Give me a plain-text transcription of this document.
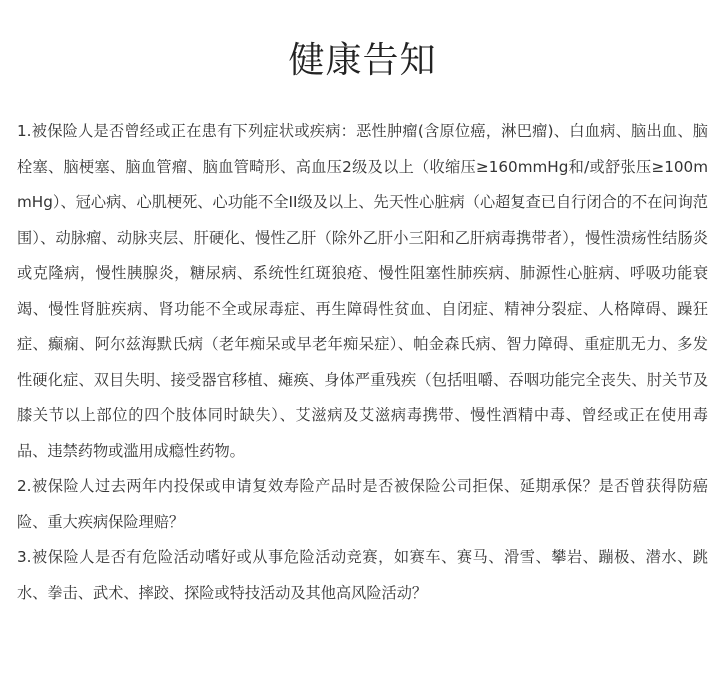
健康告知

1.被保险人是否曾经或正在患有下列症状或疾病：恶性肿瘤(含原位癌，淋巴瘤)、白血病、脑出血、脑栓塞、脑梗塞、脑血管瘤、脑血管畸形、高血压2级及以上（收缩压≥160mmHg和/或舒张压≥100mmHg）、冠心病、心肌梗死、心功能不全II级及以上、先天性心脏病（心超复查已自行闭合的不在问询范围）、动脉瘤、动脉夹层、肝硬化、慢性乙肝（除外乙肝小三阳和乙肝病毒携带者），慢性溃疡性结肠炎或克隆病，慢性胰腺炎，糖尿病、系统性红斑狼疮、慢性阻塞性肺疾病、肺源性心脏病、呼吸功能衰竭、慢性肾脏疾病、肾功能不全或尿毒症、再生障碍性贫血、自闭症、精神分裂症、人格障碍、躁狂症、癫痫、阿尔兹海默氏病（老年痴呆或早老年痴呆症）、帕金森氏病、智力障碍、重症肌无力、多发性硬化症、双目失明、接受器官移植、瘫痪、身体严重残疾（包括咀嚼、吞咽功能完全丧失、肘关节及膝关节以上部位的四个肢体同时缺失）、艾滋病及艾滋病毒携带、慢性酒精中毒、曾经或正在使用毒品、违禁药物或滥用成瘾性药物。

2.被保险人过去两年内投保或申请复效寿险产品时是否被保险公司拒保、延期承保？是否曾获得防癌险、重大疾病保险理赔？

3.被保险人是否有危险活动嗜好或从事危险活动竞赛，如赛车、赛马、滑雪、攀岩、蹦极、潜水、跳水、拳击、武术、摔跤、探险或特技活动及其他高风险活动？
